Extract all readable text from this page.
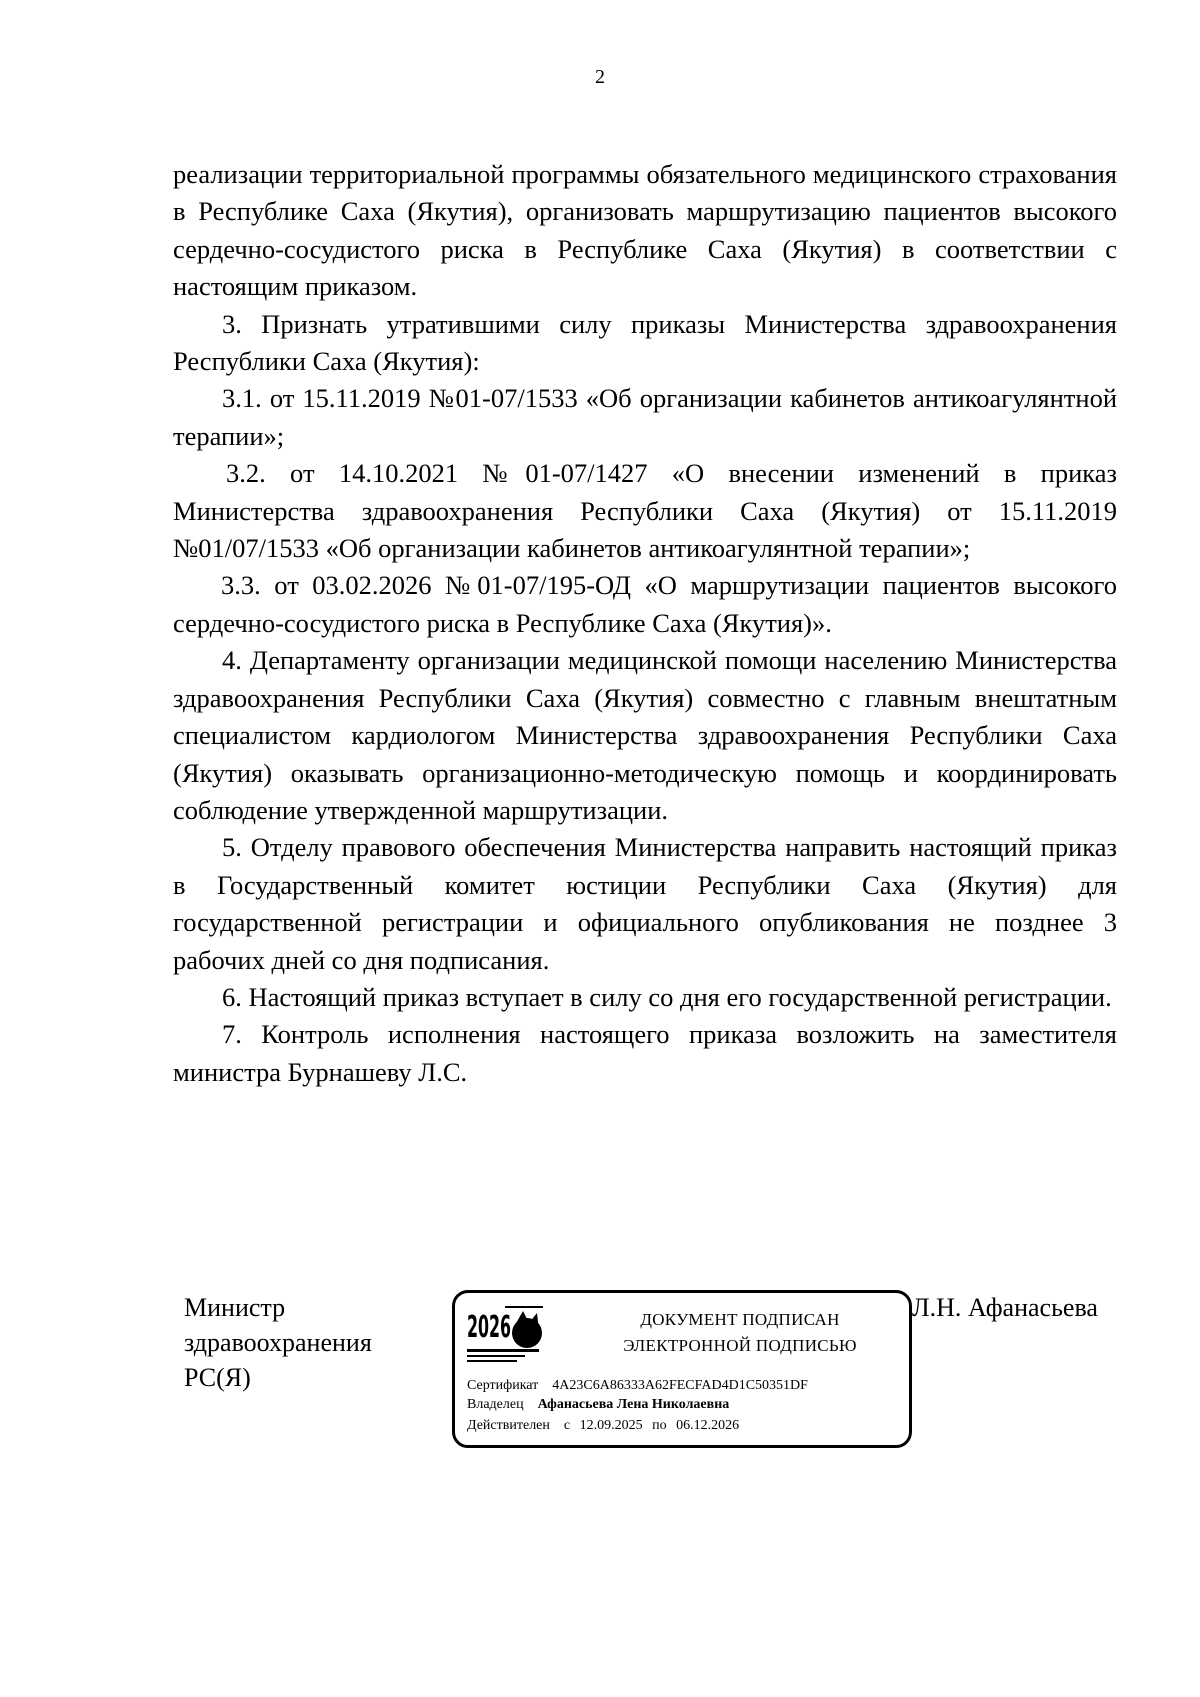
2

реализации территориальной программы обязательного медицинского страхования в Республике Саха (Якутия), организовать маршрутизацию пациентов высокого сердечно-сосудистого риска в Республике Саха (Якутия) в соответствии с настоящим приказом.

3. Признать утратившими силу приказы Министерства здравоохранения Республики Саха (Якутия):

3.1. от 15.11.2019 №01-07/1533 «Об организации кабинетов антикоагулянтной терапии»;

3.2. от 14.10.2021 №01-07/1427 «О внесении изменений в приказ Министерства здравоохранения Республики Саха (Якутия) от 15.11.2019 №01/07/1533 «Об организации кабинетов антикоагулянтной терапии»;

3.3. от 03.02.2026 №01-07/195-ОД «О маршрутизации пациентов высокого сердечно-сосудистого риска в Республике Саха (Якутия)».

4. Департаменту организации медицинской помощи населению Министерства здравоохранения Республики Саха (Якутия) совместно с главным внештатным специалистом кардиологом Министерства здравоохранения Республики Саха (Якутия) оказывать организационно-методическую помощь и координировать соблюдение утвержденной маршрутизации.

5. Отделу правового обеспечения Министерства направить настоящий приказ в Государственный комитет юстиции Республики Саха (Якутия) для государственной регистрации и официального опубликования не позднее 3 рабочих дней со дня подписания.

6. Настоящий приказ вступает в силу со дня его государственной регистрации.

7. Контроль исполнения настоящего приказа возложить на заместителя министра Бурнашеву Л.С.

Министр
здравоохранения
РС(Я)
2026	ДОКУМЕНТ ПОДПИСАН
ЭЛЕКТРОННОЙ ПОДПИСЬЮ
Сертификат 4A23C6A86333A62FECFAD4D1C50351DF
Владелец Афанасьева Лена Николаевна
Действителен с 12.09.2025 по 06.12.2026
Л.Н. Афанасьева
